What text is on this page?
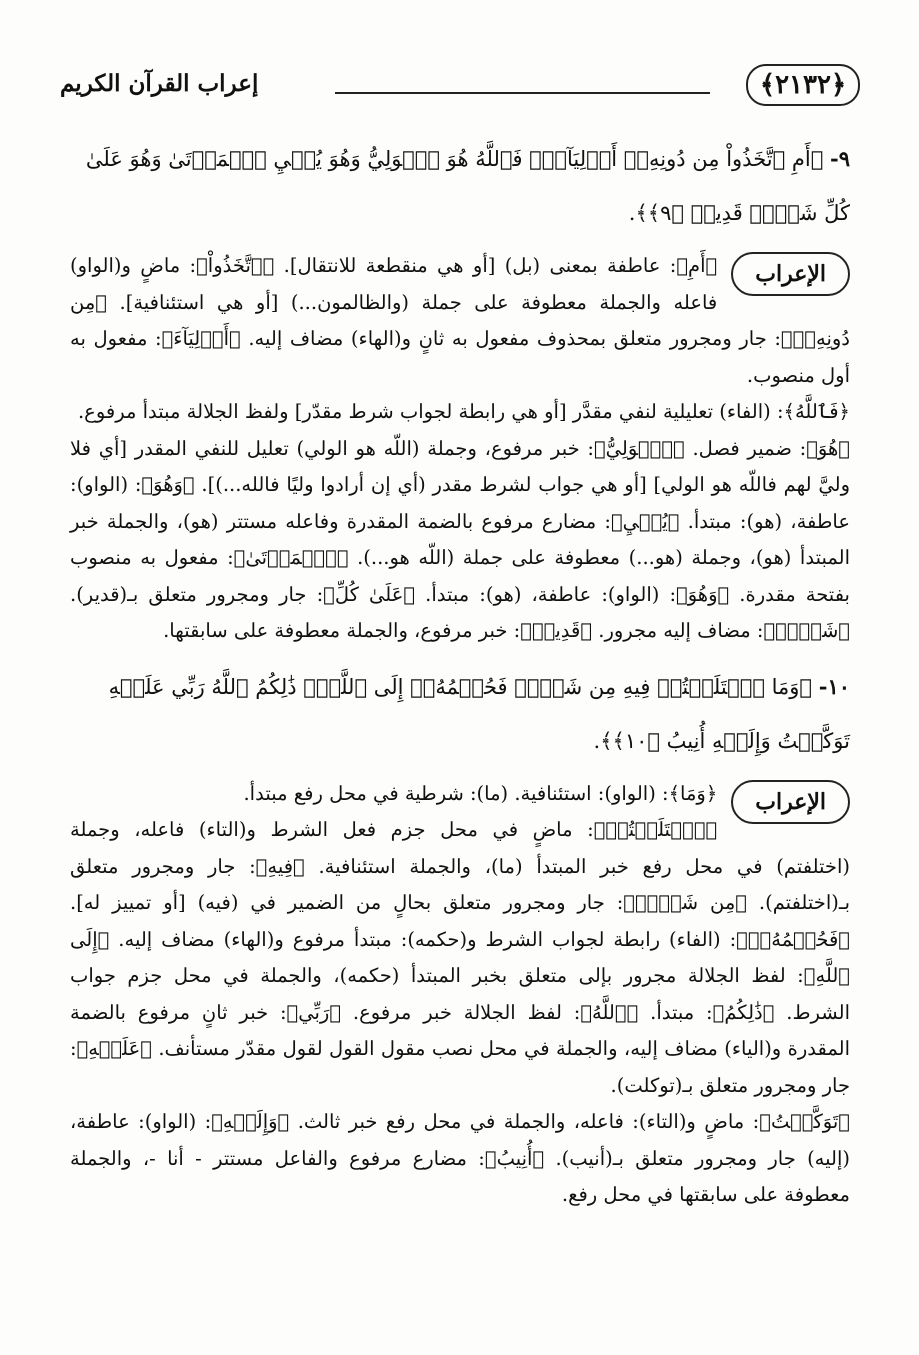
﴿٢١٣٢﴾
إعراب القرآن الكريم

٩- ﴿أَمِ ٱتَّخَذُواْ مِن دُونِهِۦٓ أَوۡلِيَآءَۖ فَٱللَّهُ هُوَ ٱلۡوَلِيُّ وَهُوَ يُحۡيِ ٱلۡمَوۡتَىٰ وَهُوَ عَلَىٰ كُلِّ شَيۡءٖ قَدِيرٞ ﴿٩﴾﴾.

الإعراب

﴿أَمِ﴾: عاطفة بمعنى (بل) [أو هي منقطعة للانتقال]. ﴿ٱتَّخَذُواْ﴾: ماضٍ و(الواو) فاعله والجملة معطوفة على جملة (والظالمون...) [أو هي استئنافية]. ﴿مِن دُونِهِۦٓ﴾: جار ومجرور متعلق بمحذوف مفعول به ثانٍ و(الهاء) مضاف إليه. ﴿أَوۡلِيَآءَ﴾: مفعول به أول منصوب.

﴿فَٱللَّهُ﴾: (الفاء) تعليلية لنفي مقدَّر [أو هي رابطة لجواب شرط مقدّر] ولفظ الجلالة مبتدأ مرفوع.

﴿هُوَ﴾: ضمير فصل. ﴿ٱلۡوَلِيُّ﴾: خبر مرفوع، وجملة (اللّه هو الولي) تعليل للنفي المقدر [أي فلا وليَّ لهم فاللّه هو الولي] [أو هي جواب لشرط مقدر (أي إن أرادوا وليًا فالله...)]. ﴿وَهُوَ﴾: (الواو): عاطفة، (هو): مبتدأ. ﴿يُحۡيِ﴾: مضارع مرفوع بالضمة المقدرة وفاعله مستتر (هو)، والجملة خبر المبتدأ (هو)، وجملة (هو...) معطوفة على جملة (اللّه هو...). ﴿ٱلۡمَوۡتَىٰ﴾: مفعول به منصوب بفتحة مقدرة. ﴿وَهُوَ﴾: (الواو): عاطفة، (هو): مبتدأ. ﴿عَلَىٰ كُلِّ﴾: جار ومجرور متعلق بـ(قدير). ﴿شَيۡءٖ﴾: مضاف إليه مجرور. ﴿قَدِيرٞ﴾: خبر مرفوع، والجملة معطوفة على سابقتها.

١٠- ﴿وَمَا ٱخۡتَلَفۡتُمۡ فِيهِ مِن شَيۡءٖ فَحُكۡمُهُۥٓ إِلَى ٱللَّهِۚ ذَٰلِكُمُ ٱللَّهُ رَبِّي عَلَيۡهِ تَوَكَّلۡتُ وَإِلَيۡهِ أُنِيبُ ﴿١٠﴾﴾.

الإعراب

﴿وَمَا﴾: (الواو): استئنافية. (ما): شرطية في محل رفع مبتدأ.

﴿ٱخۡتَلَفۡتُمۡ﴾: ماضٍ في محل جزم فعل الشرط و(التاء) فاعله، وجملة (اختلفتم) في محل رفع خبر المبتدأ (ما)، والجملة استئنافية. ﴿فِيهِ﴾: جار ومجرور متعلق بـ(اختلفتم). ﴿مِن شَيۡءٖ﴾: جار ومجرور متعلق بحالٍ من الضمير في (فيه) [أو تمييز له]. ﴿فَحُكۡمُهُۥٓ﴾: (الفاء) رابطة لجواب الشرط و(حكمه): مبتدأ مرفوع و(الهاء) مضاف إليه. ﴿إِلَى ٱللَّهِ﴾: لفظ الجلالة مجرور بإلى متعلق بخبر المبتدأ (حكمه)، والجملة في محل جزم جواب الشرط. ﴿ذَٰلِكُمُ﴾: مبتدأ. ﴿ٱللَّهُ﴾: لفظ الجلالة خبر مرفوع. ﴿رَبِّي﴾: خبر ثانٍ مرفوع بالضمة المقدرة و(الياء) مضاف إليه، والجملة في محل نصب مقول القول لقول مقدّر مستأنف. ﴿عَلَيۡهِ﴾: جار ومجرور متعلق بـ(توكلت).

﴿تَوَكَّلۡتُ﴾: ماضٍ و(التاء): فاعله، والجملة في محل رفع خبر ثالث. ﴿وَإِلَيۡهِ﴾: (الواو): عاطفة، (إليه) جار ومجرور متعلق بـ(أنيب). ﴿أُنِيبُ﴾: مضارع مرفوع والفاعل مستتر - أنا -، والجملة معطوفة على سابقتها في محل رفع.
